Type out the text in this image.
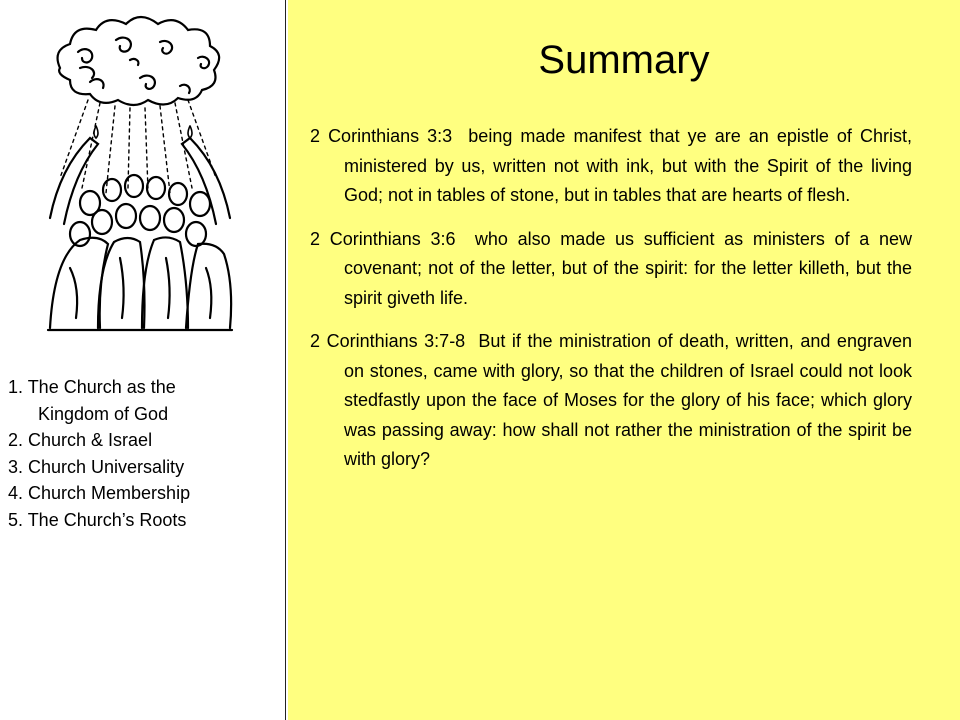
1. The Church as the
Kingdom of God
2. Church & Israel
3. Church Universality
4. Church Membership
5. The Church’s Roots
Summary

2 Corinthians 3:3  being made manifest that ye are an epistle of Christ, ministered by us, written not with ink, but with the Spirit of the living God; not in tables of stone, but in tables that are hearts of flesh.

2 Corinthians 3:6  who also made us sufficient as ministers of a new covenant; not of the letter, but of the spirit: for the letter killeth, but the spirit giveth life.

2 Corinthians 3:7-8  But if the ministration of death, written, and engraven on stones, came with glory, so that the children of Israel could not look stedfastly upon the face of Moses for the glory of his face; which glory was passing away: how shall not rather the ministration of the spirit be with glory?
